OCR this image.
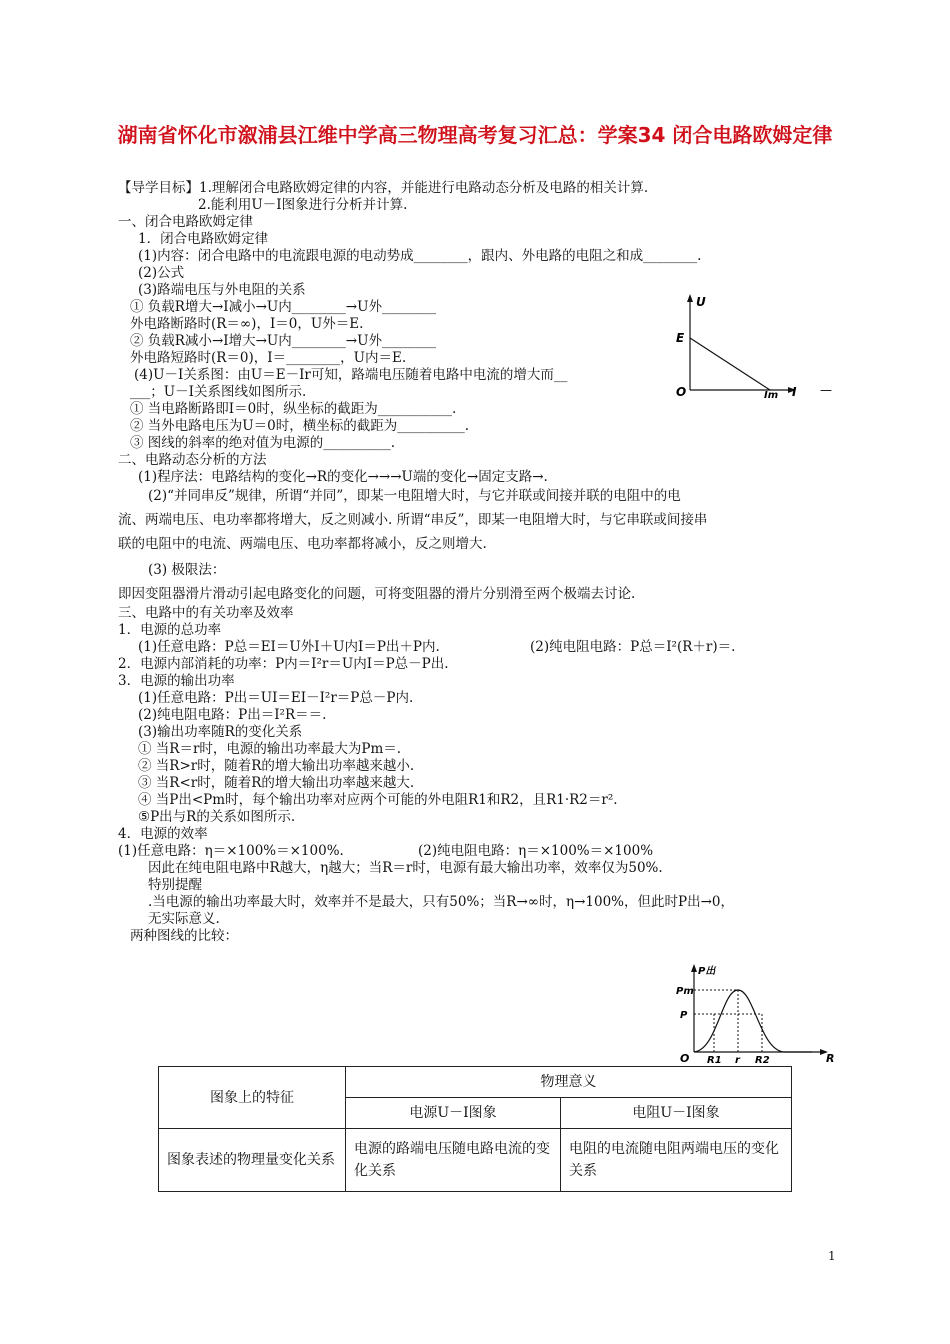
湖南省怀化市溆浦县江维中学高三物理高考复习汇总：学案34 闭合电路欧姆定律
【导学目标】1.理解闭合电路欧姆定律的内容，并能进行电路动态分析及电路的相关计算.
2.能利用U－I图象进行分析并计算.
一、闭合电路欧姆定律
1．闭合电路欧姆定律
(1)内容：闭合电路中的电流跟电源的电动势成________，跟内、外电路的电阻之和成________.
(2)公式
(3)路端电压与外电阻的关系
① 负载R增大→I减小→U内________→U外________
外电路断路时(R＝∞)，I＝0，U外＝E.
② 负载R减小→I增大→U内________→U外________
外电路短路时(R＝0)，I＝________，U内＝E.
(4)U－I关系图：由U＝E－Ir可知，路端电压随着电路中电流的增大而__
___；U－I关系图线如图所示.
① 当电路断路即I＝0时，纵坐标的截距为___________.
② 当外电路电压为U＝0时，横坐标的截距为__________.
③ 图线的斜率的绝对值为电源的__________.
二、电路动态分析的方法
(1)程序法：电路结构的变化→R的变化→→→U端的变化→固定支路→.
(2)“并同串反”规律，所谓“并同”，即某一电阻增大时，与它并联或间接并联的电阻中的电
流、两端电压、电功率都将增大，反之则减小. 所谓“串反”，即某一电阻增大时，与它串联或间接串
联的电阻中的电流、两端电压、电功率都将减小，反之则增大.
(3) 极限法：
即因变阻器滑片滑动引起电路变化的问题，可将变阻器的滑片分别滑至两个极端去讨论.
三、电路中的有关功率及效率
1．电源的总功率
(1)任意电路：P总＝EI＝U外I＋U内I＝P出＋P内.	(2)纯电阻电路：P总＝I²(R＋r)＝.
2．电源内部消耗的功率：P内＝I²r＝U内I＝P总－P出.
3．电源的输出功率
(1)任意电路：P出＝UI＝EI－I²r＝P总－P内.
(2)纯电阻电路：P出＝I²R＝＝.
(3)输出功率随R的变化关系
① 当R＝r时，电源的输出功率最大为Pm＝.
② 当R>r时，随着R的增大输出功率越来越小.
③ 当R<r时，随着R的增大输出功率越来越大.
④ 当P出<Pm时，每个输出功率对应两个可能的外电阻R1和R2，且R1·R2＝r².
⑤P出与R的关系如图所示.
4．电源的效率
(1)任意电路：η＝×100%＝×100%.	(2)纯电阻电路：η＝×100%＝×100%
因此在纯电阻电路中R越大，η越大；当R＝r时，电源有最大输出功率，效率仅为50%.
特别提醒
.当电源的输出功率最大时，效率并不是最大，只有50%；当R→∞时，η→100%，但此时P出→0，
无实际意义.
两种图线的比较：
U
E
O	Im I —
P出
Pm
P
O R1 r R2	R
图象上的特征	物理意义	
	电源U－I图象	电阻U－I图象
图象表述的物理量变化关系	电源的路端电压随电路电流的变化关系	电阻的电流随电阻两端电压的变化关系
1
